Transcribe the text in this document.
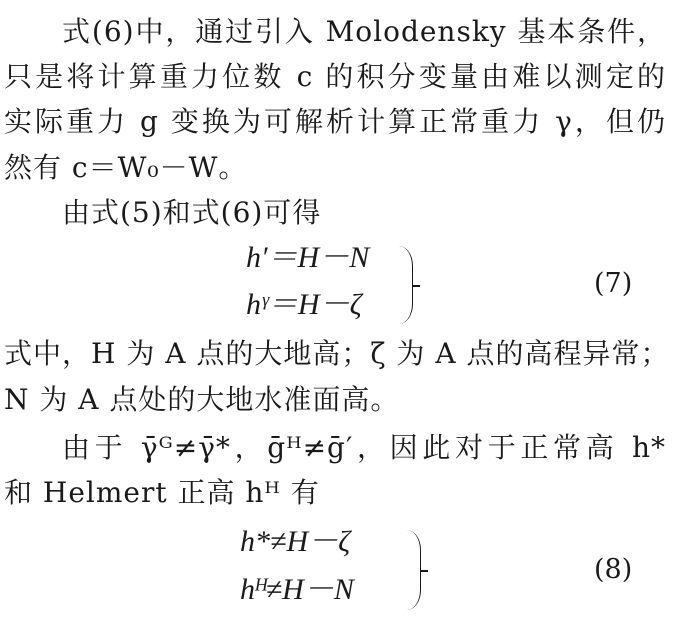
式(6)中，通过引入 Molodensky 基本条件，
只是将计算重力位数 c 的积分变量由难以测定的
实际重力 g 变换为可解析计算正常重力 γ，但仍
然有 c＝W₀－W。
由式(5)和式(6)可得
h′＝H－N
hᵞ＝H－ζ
(7)
式中，H 为 A 点的大地高；ζ 为 A 点的高程异常；
N 为 A 点处的大地水准面高。
由于 γ̄ᴳ≠γ̄*，ḡᴴ≠ḡ′，因此对于正常高 h*
和 Helmert 正高 hᴴ 有
h*≠H－ζ
hᴴ≠H－N
(8)
